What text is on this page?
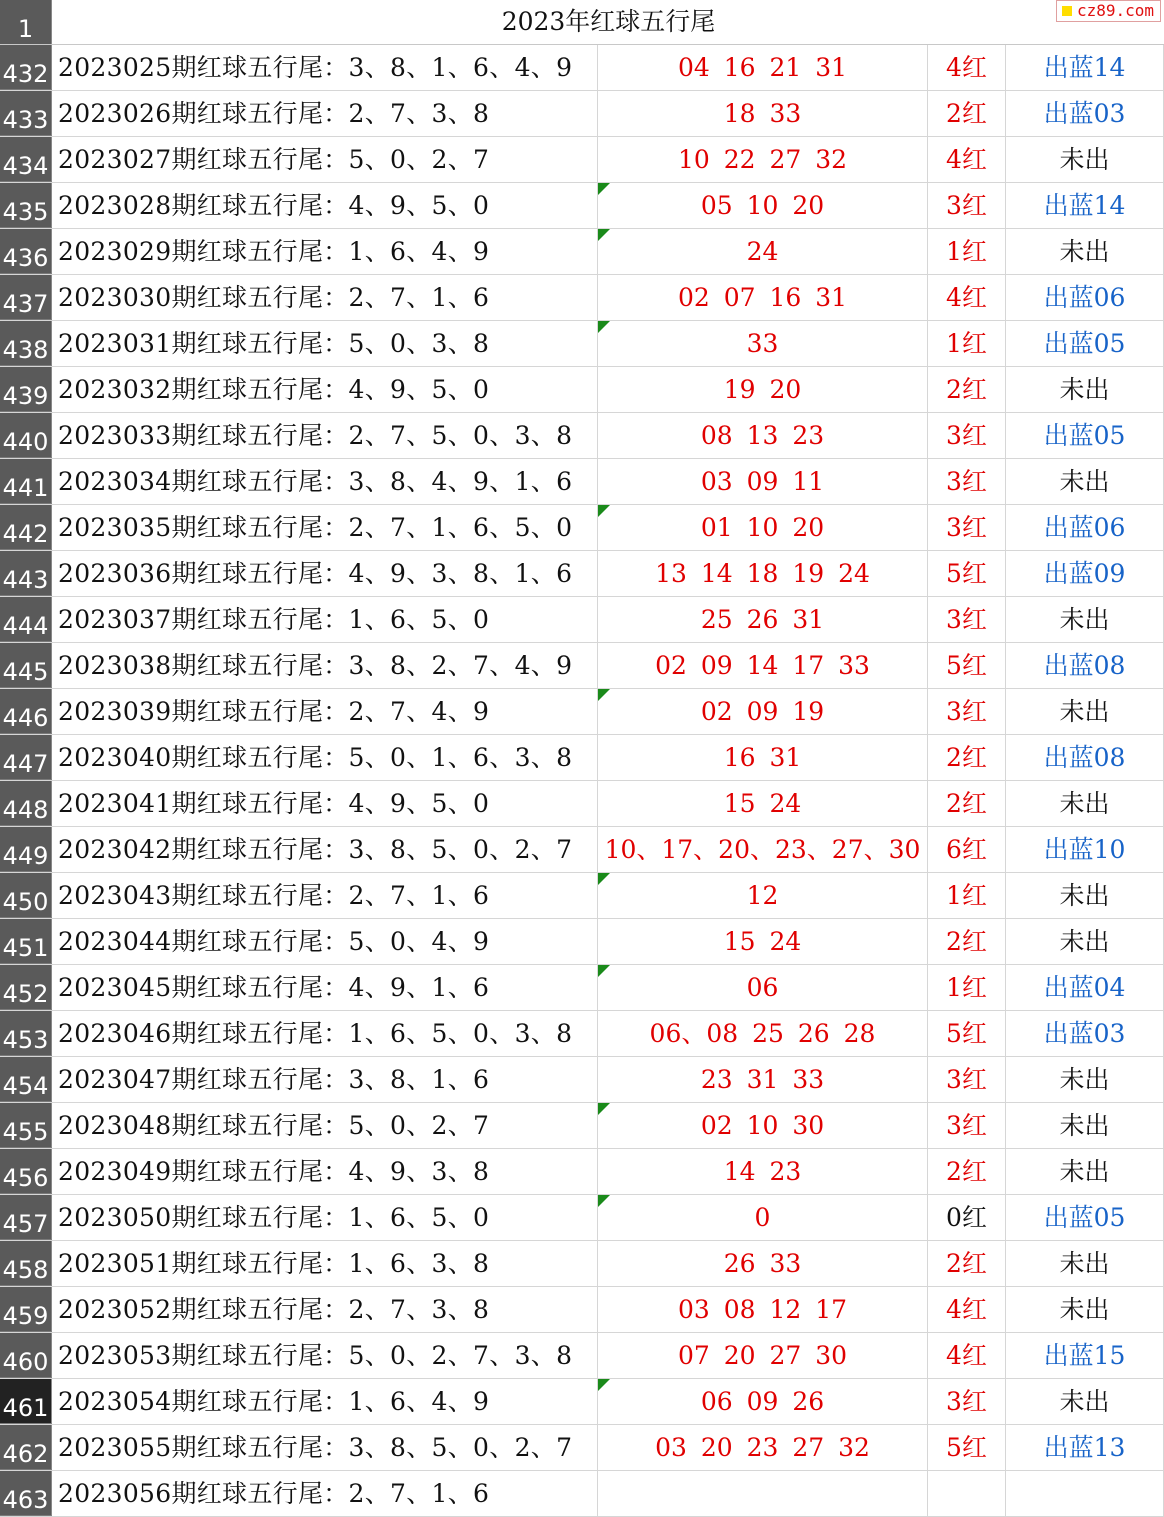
1	2023年红球五行尾	cz89.com
432 2023025期红球五行尾：3、8、1、6、4、9	04 16 21 31	4红	出蓝14
433 2023026期红球五行尾：2、7、3、8	18 33	2红	出蓝03
434 2023027期红球五行尾：5、0、2、7	10 22 27 32	4红	未出
435 2023028期红球五行尾：4、9、5、0	05 10 20	3红	出蓝14
436 2023029期红球五行尾：1、6、4、9	24	1红	未出
437 2023030期红球五行尾：2、7、1、6	02 07 16 31	4红	出蓝06
438 2023031期红球五行尾：5、0、3、8	33	1红	出蓝05
439 2023032期红球五行尾：4、9、5、0	19 20	2红	未出
440 2023033期红球五行尾：2、7、5、0、3、8	08 13 23	3红	出蓝05
441 2023034期红球五行尾：3、8、4、9、1、6	03 09 11	3红	未出
442 2023035期红球五行尾：2、7、1、6、5、0	01 10 20	3红	出蓝06
443 2023036期红球五行尾：4、9、3、8、1、6	13 14 18 19 24	5红	出蓝09
444 2023037期红球五行尾：1、6、5、0	25 26 31	3红	未出
445 2023038期红球五行尾：3、8、2、7、4、9	02 09 14 17 33	5红	出蓝08
446 2023039期红球五行尾：2、7、4、9	02 09 19	3红	未出
447 2023040期红球五行尾：5、0、1、6、3、8	16 31	2红	出蓝08
448 2023041期红球五行尾：4、9、5、0	15 24	2红	未出
449 2023042期红球五行尾：3、8、5、0、2、7	10、17、20、23、27、30	6红	出蓝10
450 2023043期红球五行尾：2、7、1、6	12	1红	未出
451 2023044期红球五行尾：5、0、4、9	15 24	2红	未出
452 2023045期红球五行尾：4、9、1、6	06	1红	出蓝04
453 2023046期红球五行尾：1、6、5、0、3、8	06、08 25 26 28	5红	出蓝03
454 2023047期红球五行尾：3、8、1、6	23 31 33	3红	未出
455 2023048期红球五行尾：5、0、2、7	02 10 30	3红	未出
456 2023049期红球五行尾：4、9、3、8	14 23	2红	未出
457 2023050期红球五行尾：1、6、5、0	0	0红	出蓝05
458 2023051期红球五行尾：1、6、3、8	26 33	2红	未出
459 2023052期红球五行尾：2、7、3、8	03 08 12 17	4红	未出
460 2023053期红球五行尾：5、0、2、7、3、8	07 20 27 30	4红	出蓝15
461 2023054期红球五行尾：1、6、4、9	06 09 26	3红	未出
462 2023055期红球五行尾：3、8、5、0、2、7	03 20 23 27 32	5红	出蓝13
463 2023056期红球五行尾：2、7、1、6
